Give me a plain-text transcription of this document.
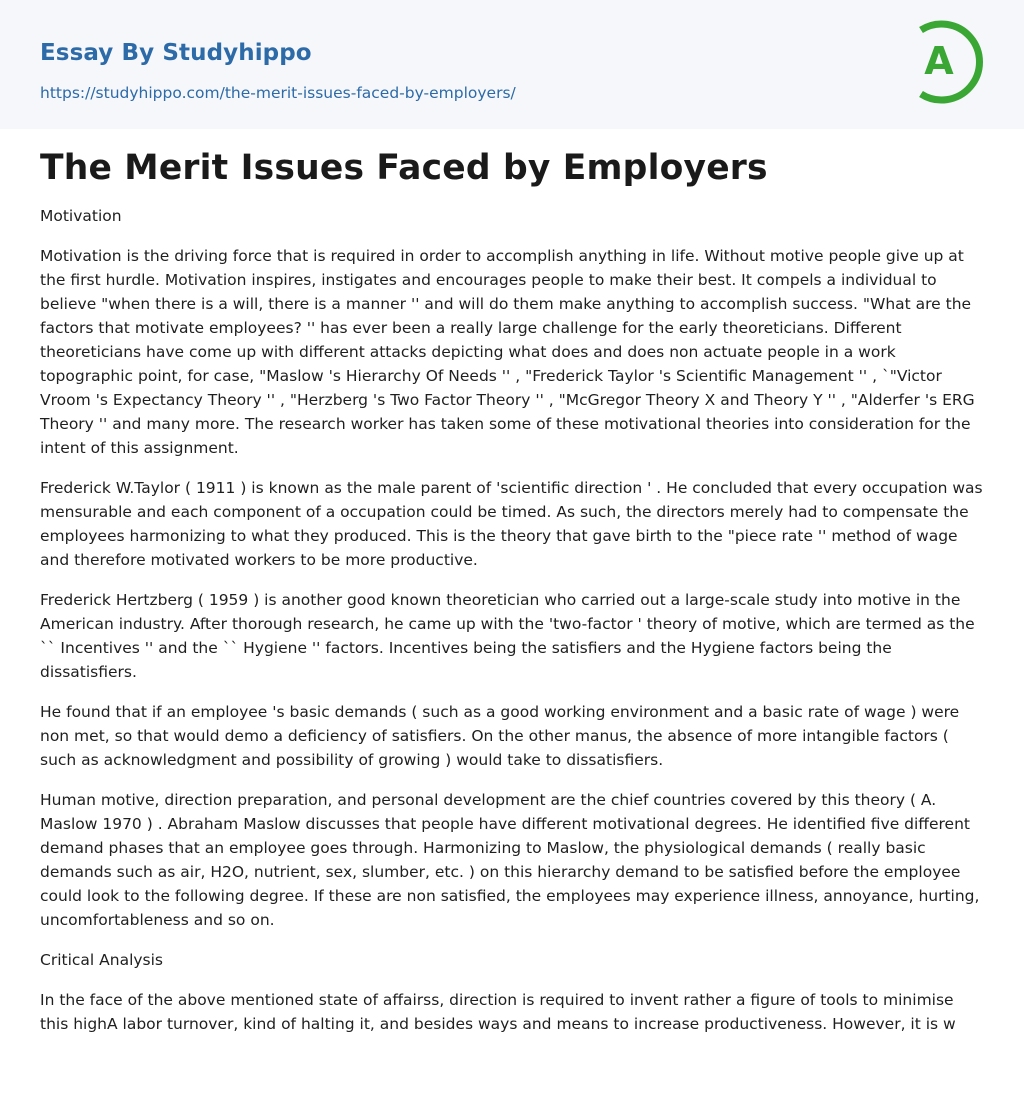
Essay By Studyhippo
https://studyhippo.com/the-merit-issues-faced-by-employers/
A
The Merit Issues Faced by Employers

Motivation

Motivation is the driving force that is required in order to accomplish anything in life. Without motive people give up at the first hurdle. Motivation inspires, instigates and encourages people to make their best. It compels a individual to believe "when there is a will, there is a manner '' and will do them make anything to accomplish success. "What are the factors that motivate employees? '' has ever been a really large challenge for the early theoreticians. Different theoreticians have come up with different attacks depicting what does and does non actuate people in a work topographic point, for case, "Maslow 's Hierarchy Of Needs '' , "Frederick Taylor 's Scientific Management '' , `"Victor Vroom 's Expectancy Theory '' , "Herzberg 's Two Factor Theory '' , "McGregor Theory X and Theory Y '' , "Alderfer 's ERG Theory '' and many more. The research worker has taken some of these motivational theories into consideration for the intent of this assignment.

Frederick W.Taylor ( 1911 ) is known as the male parent of 'scientific direction ' . He concluded that every occupation was mensurable and each component of a occupation could be timed. As such, the directors merely had to compensate the employees harmonizing to what they produced. This is the theory that gave birth to the "piece rate '' method of wage and therefore motivated workers to be more productive.

Frederick Hertzberg ( 1959 ) is another good known theoretician who carried out a large-scale study into motive in the American industry. After thorough research, he came up with the 'two-factor ' theory of motive, which are termed as the `` Incentives '' and the `` Hygiene '' factors. Incentives being the satisfiers and the Hygiene factors being the dissatisfiers.

He found that if an employee 's basic demands ( such as a good working environment and a basic rate of wage ) were non met, so that would demo a deficiency of satisfiers. On the other manus, the absence of more intangible factors ( such as acknowledgment and possibility of growing ) would take to dissatisfiers.

Human motive, direction preparation, and personal development are the chief countries covered by this theory ( A. Maslow 1970 ) . Abraham Maslow discusses that people have different motivational degrees. He identified five different demand phases that an employee goes through. Harmonizing to Maslow, the physiological demands ( really basic demands such as air, H2O, nutrient, sex, slumber, etc. ) on this hierarchy demand to be satisfied before the employee could look to the following degree. If these are non satisfied, the employees may experience illness, annoyance, hurting, uncomfortableness and so on.

Critical Analysis

In the face of the above mentioned state of affairss, direction is required to invent rather a figure of tools to minimise this highA labor turnover, kind of halting it, and besides ways and means to increase productiveness. However, it is w
